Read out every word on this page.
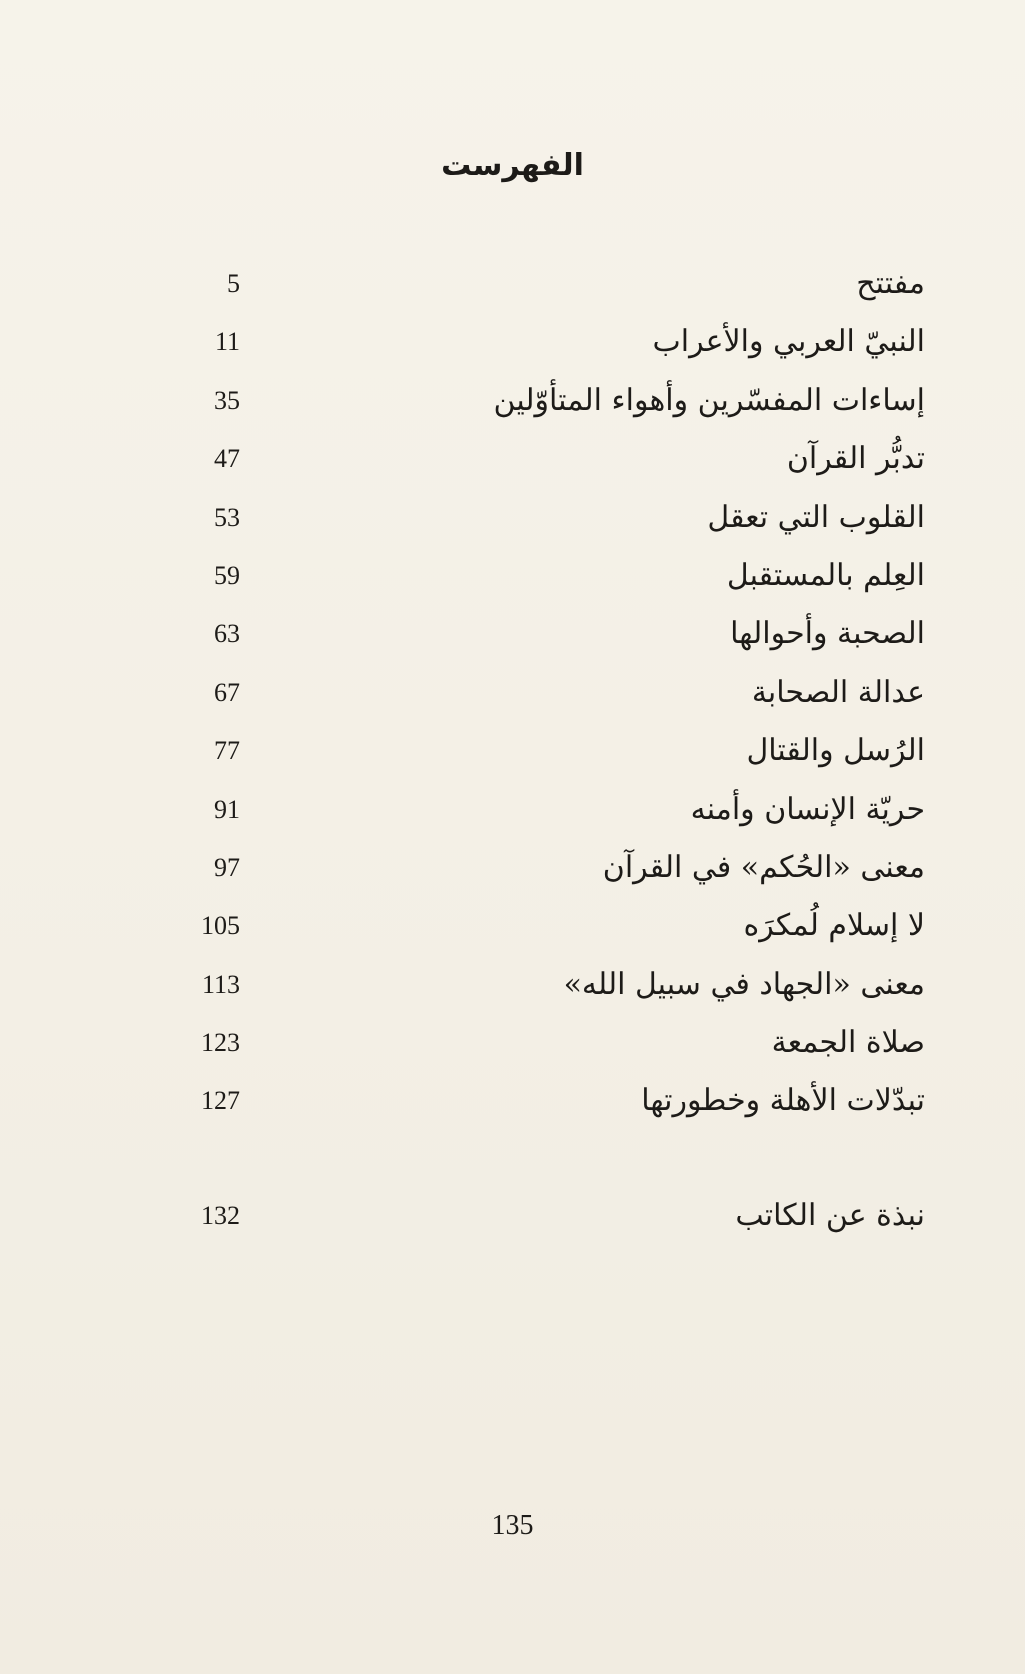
الفهرست
مفتتح
5
النبيّ العربي والأعراب
11
إساءات المفسّرين وأهواء المتأوّلين
35
تدبُّر القرآن
47
القلوب التي تعقل
53
العِلم بالمستقبل
59
الصحبة وأحوالها
63
عدالة الصحابة
67
الرُسل والقتال
77
حريّة الإنسان وأمنه
91
معنى «الحُكم» في القرآن
97
لا إسلام لُمكرَه
105
معنى «الجهاد في سبيل الله»
113
صلاة الجمعة
123
تبدّلات الأهلة وخطورتها
127
نبذة عن الكاتب
132
135
